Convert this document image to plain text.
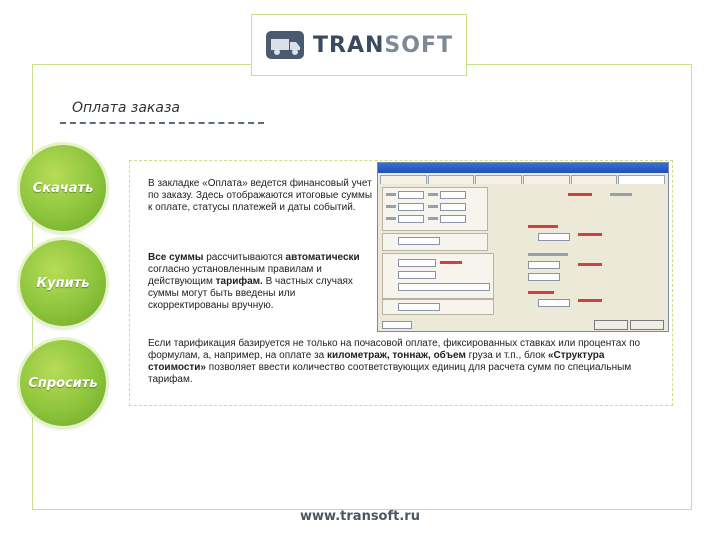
TRANSOFT
Оплата заказа
Скачать
Купить
Спросить
В закладке «Оплата» ведется финансовый учет по заказу. Здесь отображаются итоговые суммы к оплате, статусы платежей и даты событий.
Все суммы рассчитываются автоматически согласно установленным правилам и действующим тарифам. В частных случаях суммы могут быть введены или скорректированы вручную.
Если тарификация базируется не только на почасовой оплате, фиксированных ставках или процентах по формулам, а, например, на оплате за километраж, тоннаж, объем груза и т.п., блок «Структура стоимости» позволяет ввести количество соответствующих единиц для расчета сумм по специальным тарифам.
www.transoft.ru
